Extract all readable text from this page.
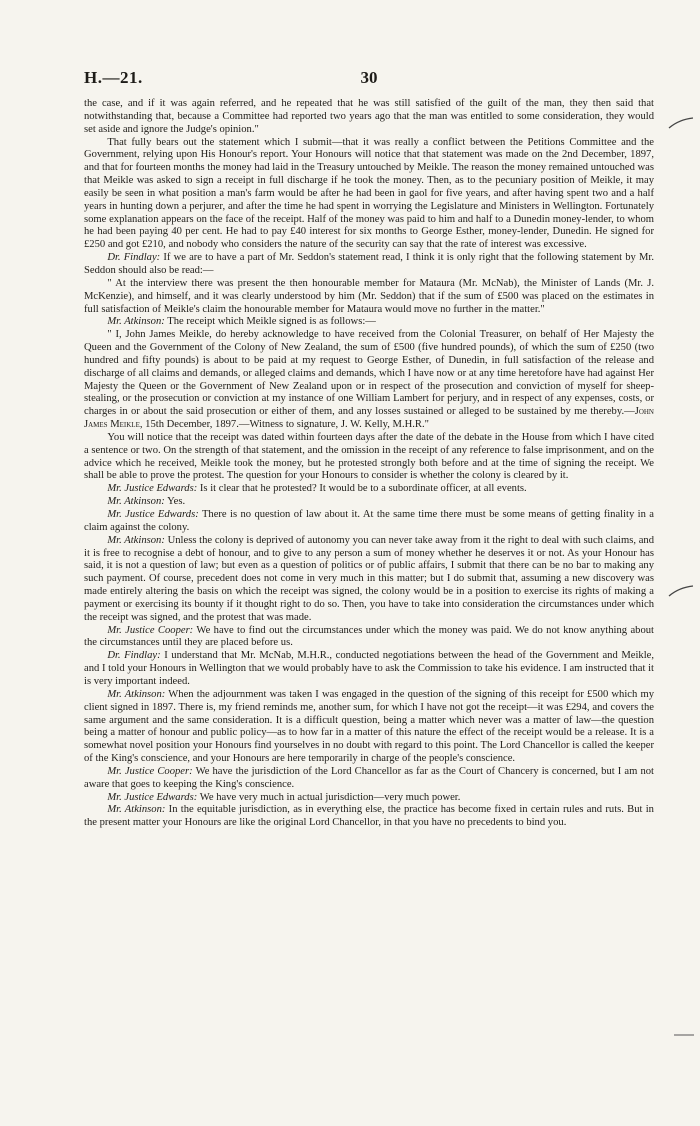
H.—21.	30

the case, and if it was again referred, and he repeated that he was still satisfied of the guilt of the man, they then said that notwithstanding that, because a Committee had reported two years ago that the man was entitled to some consideration, they would set aside and ignore the Judge's opinion."

That fully bears out the statement which I submit—that it was really a conflict between the Petitions Committee and the Government, relying upon His Honour's report. Your Honours will notice that that statement was made on the 2nd December, 1897, and that for fourteen months the money had laid in the Treasury untouched by Meikle. The reason the money remained untouched was that Meikle was asked to sign a receipt in full discharge if he took the money. Then, as to the pecuniary position of Meikle, it may easily be seen in what position a man's farm would be after he had been in gaol for five years, and after having spent two and a half years in hunting down a perjurer, and after the time he had spent in worrying the Legislature and Ministers in Wellington. Fortunately some explanation appears on the face of the receipt. Half of the money was paid to him and half to a Dunedin money-lender, to whom he had been paying 40 per cent. He had to pay £40 interest for six months to George Esther, money-lender, Dunedin. He signed for £250 and got £210, and nobody who considers the nature of the security can say that the rate of interest was excessive.

Dr. Findlay: If we are to have a part of Mr. Seddon's statement read, I think it is only right that the following statement by Mr. Seddon should also be read:—

" At the interview there was present the then honourable member for Mataura (Mr. McNab), the Minister of Lands (Mr. J. McKenzie), and himself, and it was clearly understood by him (Mr. Seddon) that if the sum of £500 was placed on the estimates in full satisfaction of Meikle's claim the honourable member for Mataura would move no further in the matter."

Mr. Atkinson: The receipt which Meikle signed is as follows:—

" I, John James Meikle, do hereby acknowledge to have received from the Colonial Treasurer, on behalf of Her Majesty the Queen and the Government of the Colony of New Zealand, the sum of £500 (five hundred pounds), of which the sum of £250 (two hundred and fifty pounds) is about to be paid at my request to George Esther, of Dunedin, in full satisfaction of the release and discharge of all claims and demands, or alleged claims and demands, which I have now or at any time heretofore have had against Her Majesty the Queen or the Government of New Zealand upon or in respect of the prosecution and conviction of myself for sheep-stealing, or the prosecution or conviction at my instance of one William Lambert for perjury, and in respect of any expenses, costs, or charges in or about the said prosecution or either of them, and any losses sustained or alleged to be sustained by me thereby.—John James Meikle, 15th December, 1897.—Witness to signature, J. W. Kelly, M.H.R."

You will notice that the receipt was dated within fourteen days after the date of the debate in the House from which I have cited a sentence or two. On the strength of that statement, and the omission in the receipt of any reference to false imprisonment, and on the advice which he received, Meikle took the money, but he protested strongly both before and at the time of signing the receipt. We shall be able to prove the protest. The question for your Honours to consider is whether the colony is cleared by it.

Mr. Justice Edwards: Is it clear that he protested? It would be to a subordinate officer, at all events.

Mr. Atkinson: Yes.

Mr. Justice Edwards: There is no question of law about it. At the same time there must be some means of getting finality in a claim against the colony.

Mr. Atkinson: Unless the colony is deprived of autonomy you can never take away from it the right to deal with such claims, and it is free to recognise a debt of honour, and to give to any person a sum of money whether he deserves it or not. As your Honour has said, it is not a question of law; but even as a question of politics or of public affairs, I submit that there can be no bar to making any such payment. Of course, precedent does not come in very much in this matter; but I do submit that, assuming a new discovery was made entirely altering the basis on which the receipt was signed, the colony would be in a position to exercise its rights of making a payment or exercising its bounty if it thought right to do so. Then, you have to take into consideration the circumstances under which the receipt was signed, and the protest that was made.

Mr. Justice Cooper: We have to find out the circumstances under which the money was paid. We do not know anything about the circumstances until they are placed before us.

Dr. Findlay: I understand that Mr. McNab, M.H.R., conducted negotiations between the head of the Government and Meikle, and I told your Honours in Wellington that we would probably have to ask the Commission to take his evidence. I am instructed that it is very important indeed.

Mr. Atkinson: When the adjournment was taken I was engaged in the question of the signing of this receipt for £500 which my client signed in 1897. There is, my friend reminds me, another sum, for which I have not got the receipt—it was £294, and covers the same argument and the same consideration. It is a difficult question, being a matter which never was a matter of law—the question being a matter of honour and public policy—as to how far in a matter of this nature the effect of the receipt would be a release. It is a somewhat novel position your Honours find yourselves in no doubt with regard to this point. The Lord Chancellor is called the keeper of the King's conscience, and your Honours are here temporarily in charge of the people's conscience.

Mr. Justice Cooper: We have the jurisdiction of the Lord Chancellor as far as the Court of Chancery is concerned, but I am not aware that goes to keeping the King's conscience.

Mr. Justice Edwards: We have very much in actual jurisdiction—very much power.

Mr. Atkinson: In the equitable jurisdiction, as in everything else, the practice has become fixed in certain rules and ruts. But in the present matter your Honours are like the original Lord Chancellor, in that you have no precedents to bind you.
